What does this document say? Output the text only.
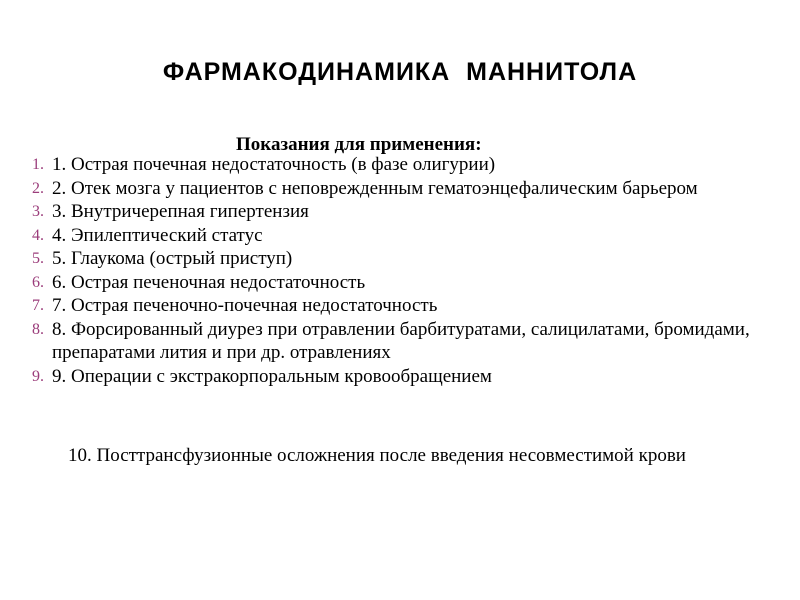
ФАРМАКОДИНАМИКА  МАННИТОЛА
Показания для применения:
1. 1. Острая почечная недостаточность (в фазе олигурии)
2. 2. Отек мозга у пациентов с неповрежденным гематоэнцефалическим барьером
3. 3. Внутричерепная гипертензия
4. 4. Эпилептический статус
5. 5. Глаукома (острый приступ)
6. 6. Острая печеночная недостаточность
7. 7. Острая печеночно-почечная недостаточность
8. 8. Форсированный диурез при отравлении барбитуратами, салицилатами, бромидами, препаратами лития и при др. отравлениях
9. 9. Операции с экстракорпоральным кровообращением
10. Посттрансфузионные осложнения после введения несовместимой крови
